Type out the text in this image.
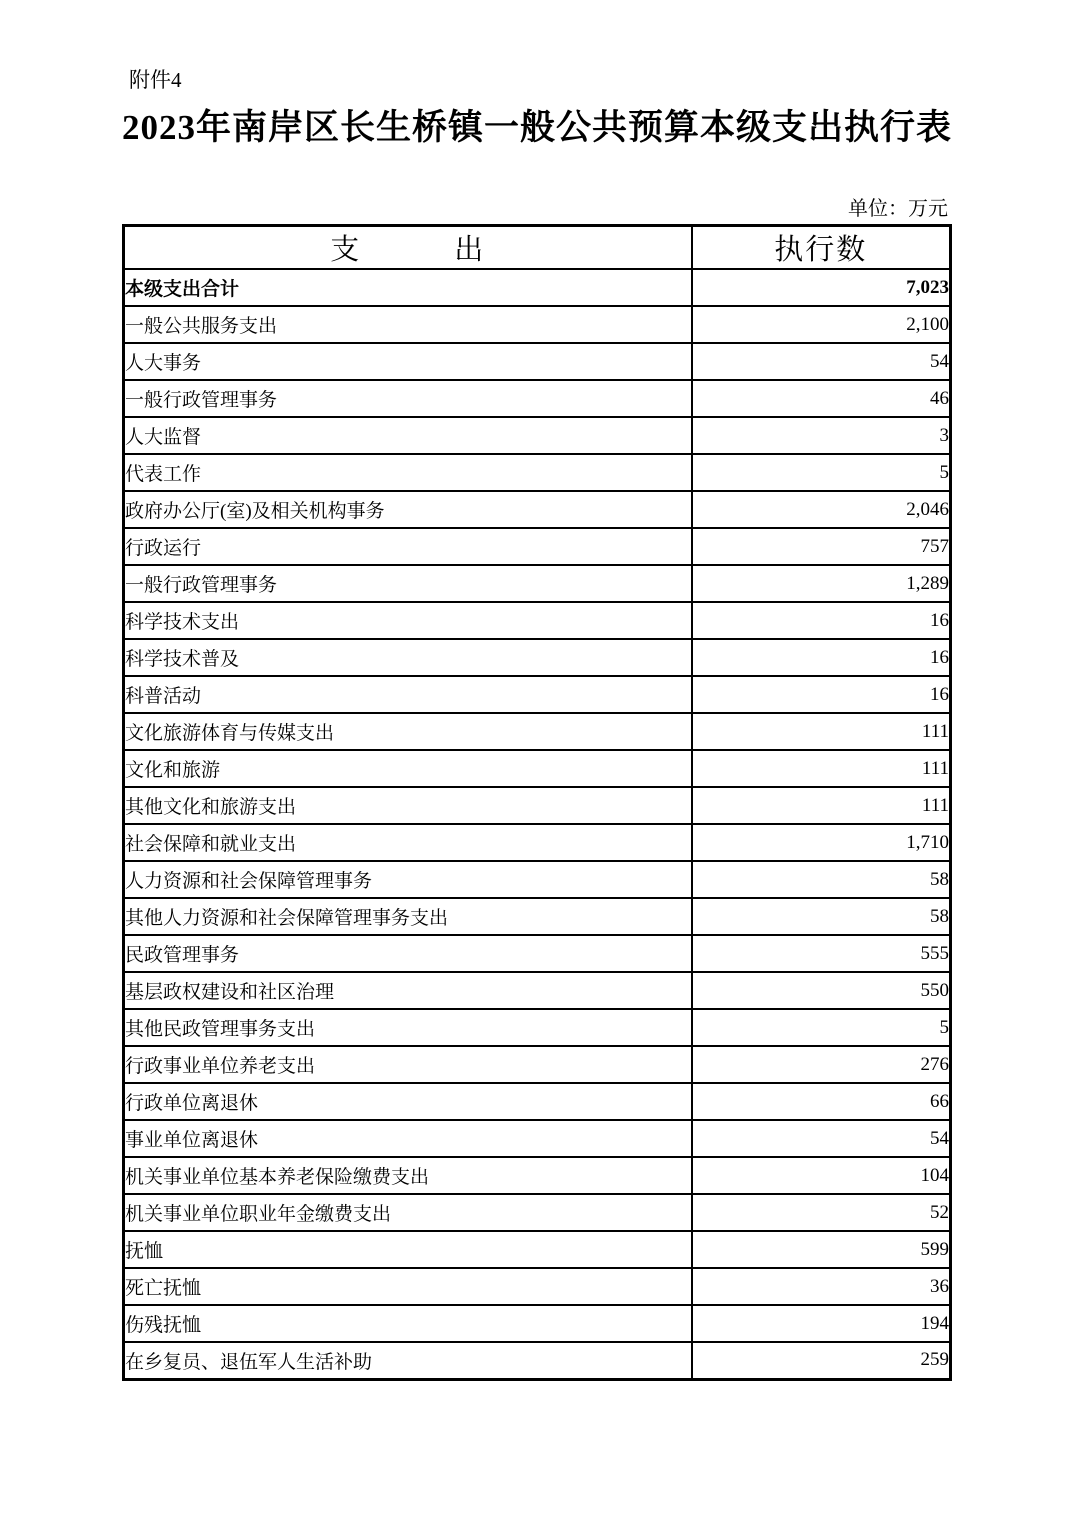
附件4
2023年南岸区长生桥镇一般公共预算本级支出执行表
单位：万元
支　　　出	执行数
本级支出合计	7,023
一般公共服务支出	2,100
人大事务	54
一般行政管理事务	46
人大监督	3
代表工作	5
政府办公厅(室)及相关机构事务	2,046
行政运行	757
一般行政管理事务	1,289
科学技术支出	16
科学技术普及	16
科普活动	16
文化旅游体育与传媒支出	111
文化和旅游	111
其他文化和旅游支出	111
社会保障和就业支出	1,710
人力资源和社会保障管理事务	58
其他人力资源和社会保障管理事务支出	58
民政管理事务	555
基层政权建设和社区治理	550
其他民政管理事务支出	5
行政事业单位养老支出	276
行政单位离退休	66
事业单位离退休	54
机关事业单位基本养老保险缴费支出	104
机关事业单位职业年金缴费支出	52
抚恤	599
死亡抚恤	36
伤残抚恤	194
在乡复员、退伍军人生活补助	259
